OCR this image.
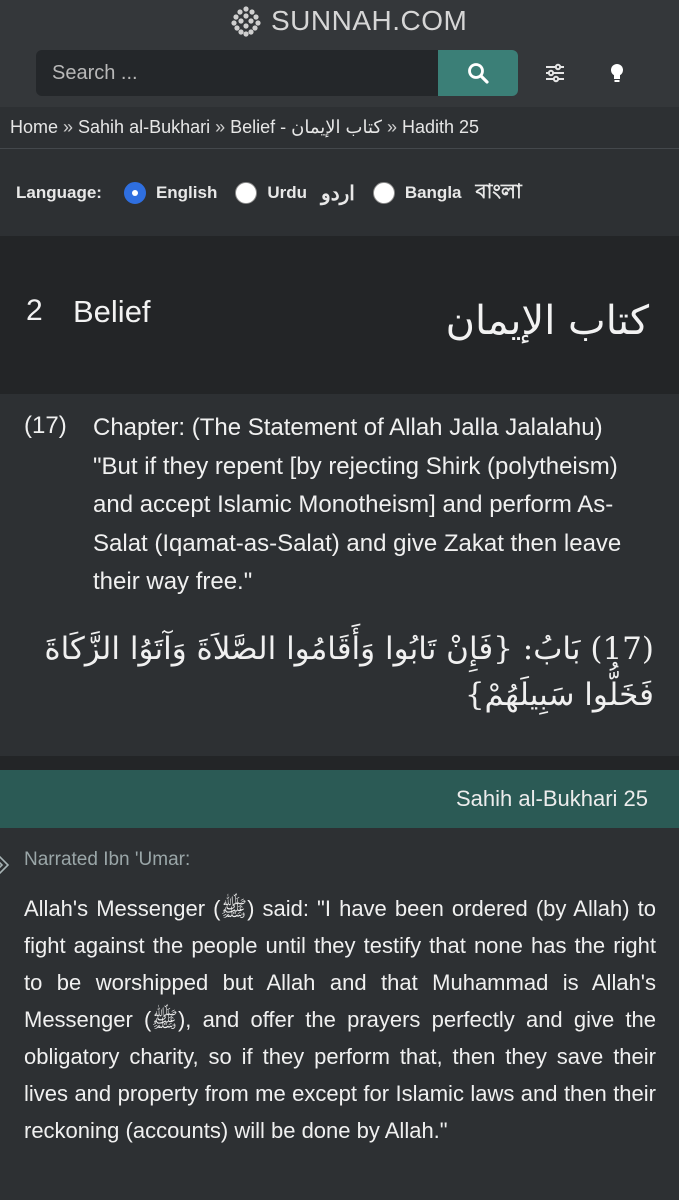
SUNNAH.COM
Search ...
Home » Sahih al-Bukhari » Belief - كتاب الإيمان » Hadith 25
Language:	English	Urdu اردو	Bangla বাংলা
2 Belief	كتاب الإيمان
(17) Chapter: (The Statement of Allah Jalla Jalalahu) "But if they repent [by rejecting Shirk (polytheism) and accept Islamic Monotheism] and perform As-Salat (Iqamat-as-Salat) and give Zakat then leave their way free."
(17) بَابُ: {فَإِنْ تَابُوا وَأَقَامُوا الصَّلاَةَ وَآتَوُا الزَّكَاةَ فَخَلُّوا سَبِيلَهُمْ}
Sahih al-Bukhari 25
Narrated Ibn 'Umar:
Allah's Messenger (ﷺ) said: "I have been ordered (by Allah) to fight against the people until they testify that none has the right to be worshipped but Allah and that Muhammad is Allah's Messenger (ﷺ), and offer the prayers perfectly and give the obligatory charity, so if they perform that, then they save their lives and property from me except for Islamic laws and then their reckoning (accounts) will be done by Allah."
